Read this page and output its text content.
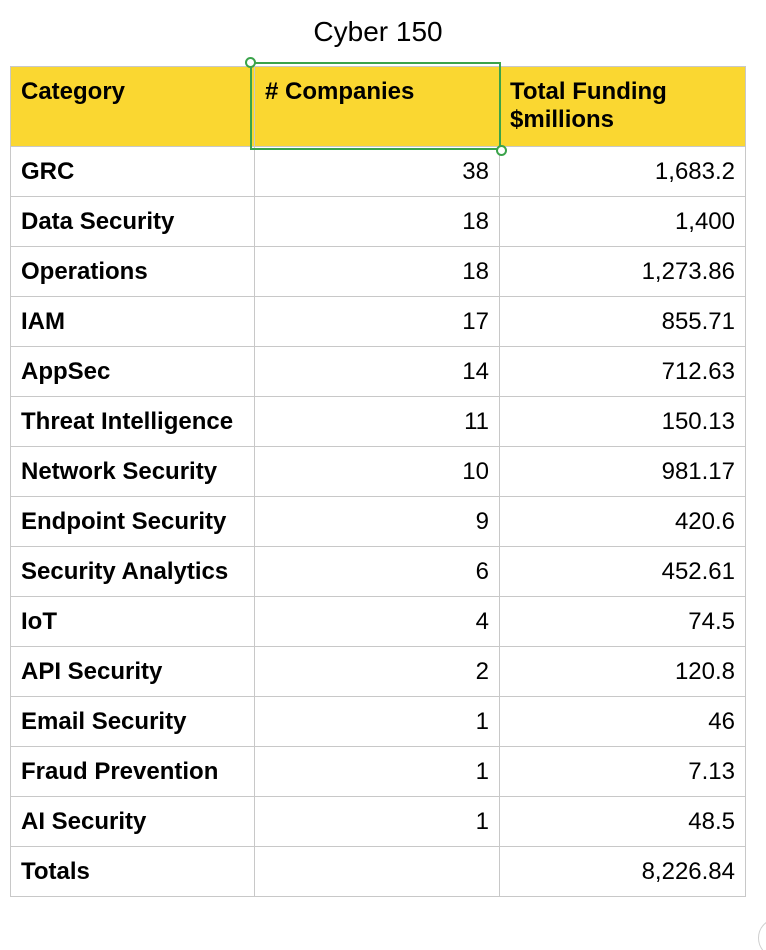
Cyber 150
Category	# Companies	Total Funding $millions

GRC	38	1,683.2
Data Security	18	1,400
Operations	18	1,273.86
IAM	17	855.71
AppSec	14	712.63
Threat Intelligence	11	150.13
Network Security	10	981.17
Endpoint Security	9	420.6
Security Analytics	6	452.61
IoT	4	74.5
API Security	2	120.8
Email Security	1	46
Fraud Prevention	1	7.13
AI Security	1	48.5
Totals		8,226.84
